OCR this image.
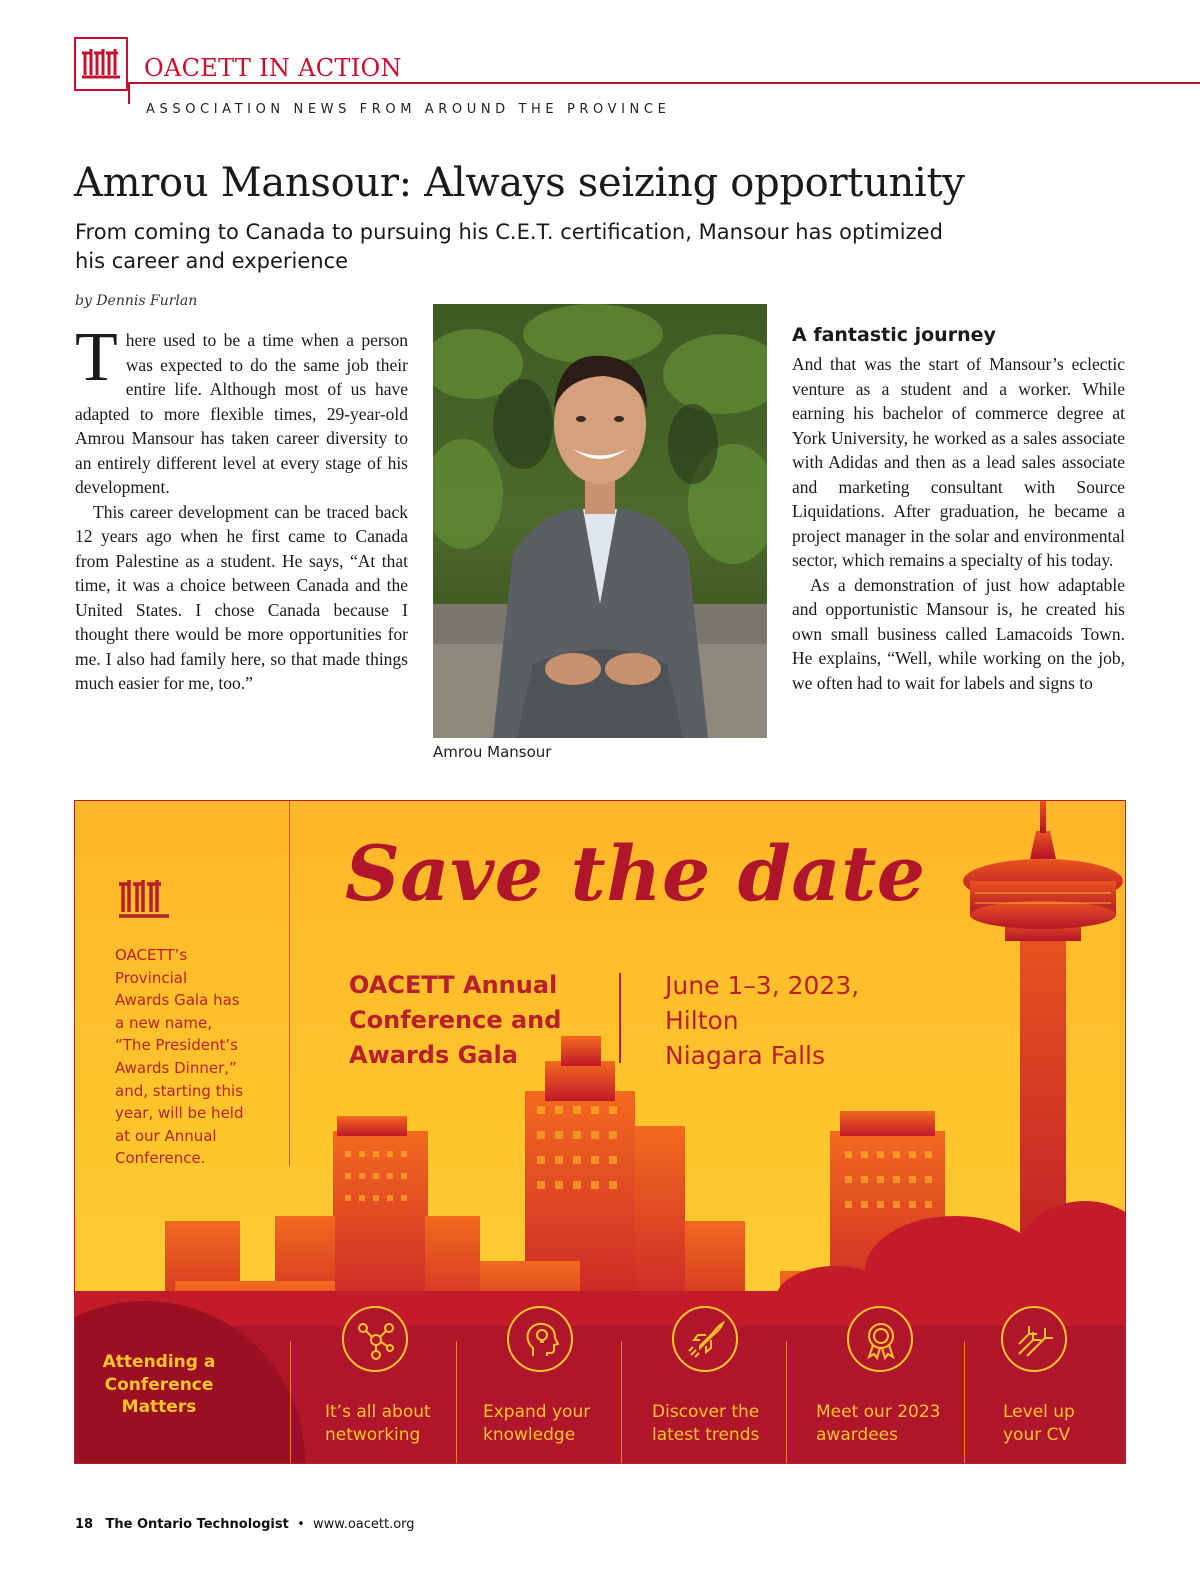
OACETT IN ACTION
ASSOCIATION NEWS FROM AROUND THE PROVINCE
Amrou Mansour: Always seizing opportunity
From coming to Canada to pursuing his C.E.T. certification, Mansour has optimized
his career and experience
by Dennis Furlan

There used to be a time when a person was expected to do the same job their entire life. Although most of us have adapted to more flexible times, 29-year-old Amrou Mansour has taken career diversity to an entirely different level at every stage of his development.

This career development can be traced back 12 years ago when he first came to Canada from Palestine as a student. He says, “At that time, it was a choice between Canada and the United States. I chose Canada because I thought there would be more opportunities for me. I also had family here, so that made things much easier for me, too.”

Amrou Mansour
A fantastic journey

And that was the start of Mansour’s eclectic venture as a student and a worker. While earning his bachelor of commerce degree at York University, he worked as a sales associate with Adidas and then as a lead sales associate and marketing consultant with Source Liquidations. After graduation, he became a project manager in the solar and environmental sector, which remains a specialty of his today.

As a demonstration of just how adaptable and opportunistic Mansour is, he created his own small business called Lamacoids Town. He explains, “Well, while working on the job, we often had to wait for labels and signs to

OACETT’s
Provincial
Awards Gala has
a new name,
“The President’s
Awards Dinner,”
and, starting this
year, will be held
at our Annual
Conference.
Save the date
OACETT Annual
Conference and
Awards Gala
June 1–3, 2023,
Hilton
Niagara Falls
Attending a
Conference
Matters	It’s all about
networking
Expand your
knowledge
Discover the
latest trends
Meet our 2023
awardees
Level up
your CV
18 The Ontario Technologist • www.oacett.org
